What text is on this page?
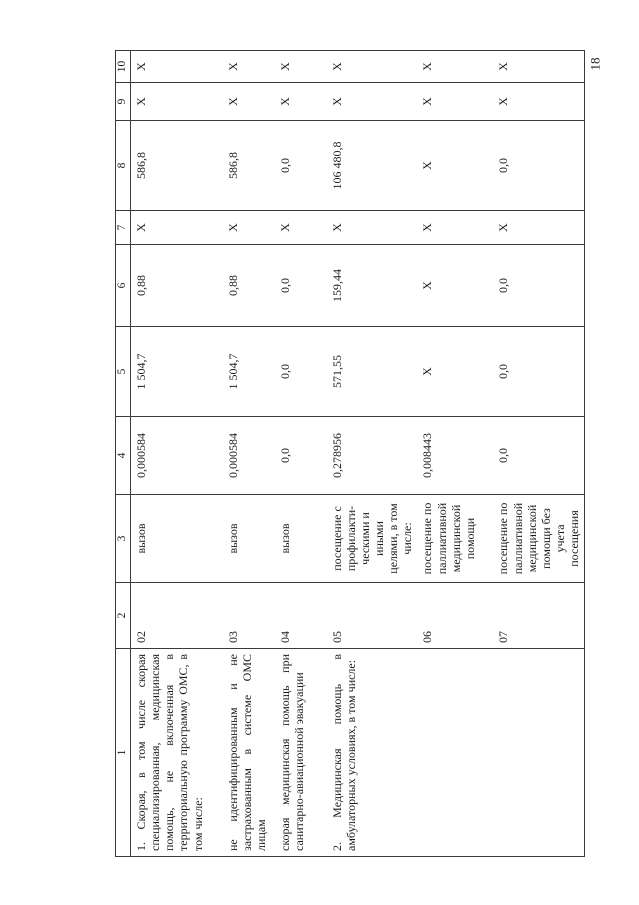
18
1	2	3	4	5	6	7	8	9	10
1. Скорая, в том числе скорая специализированная, медицинская помощь, не включенная в территориальную программу ОМС, в том числе:	02	вызов	0,000584	1 504,7	0,88	X	586,8	X	X
не идентифицированным и не застрахованным в системе ОМС лицам	03	вызов	0,000584	1 504,7	0,88	X	586,8	X	X
скорая медицинская помощь при санитарно-авиационной эвакуации	04	вызов	0,0	0,0	0,0	X	0,0	X	X
2. Медицинская помощь в амбулаторных условиях, в том числе:	05	посещение с профилакти-ческими и иными целями, в том числе:	0,278956	571,55	159,44	X	106 480,8	X	X
	06	посещение по паллиативной медицинской помощи	0,008443	X	X	X	X	X	X
	07	посещение по паллиативной медицинской помощи без учета посещения	0,0	0,0	0,0	X	0,0	X	X
